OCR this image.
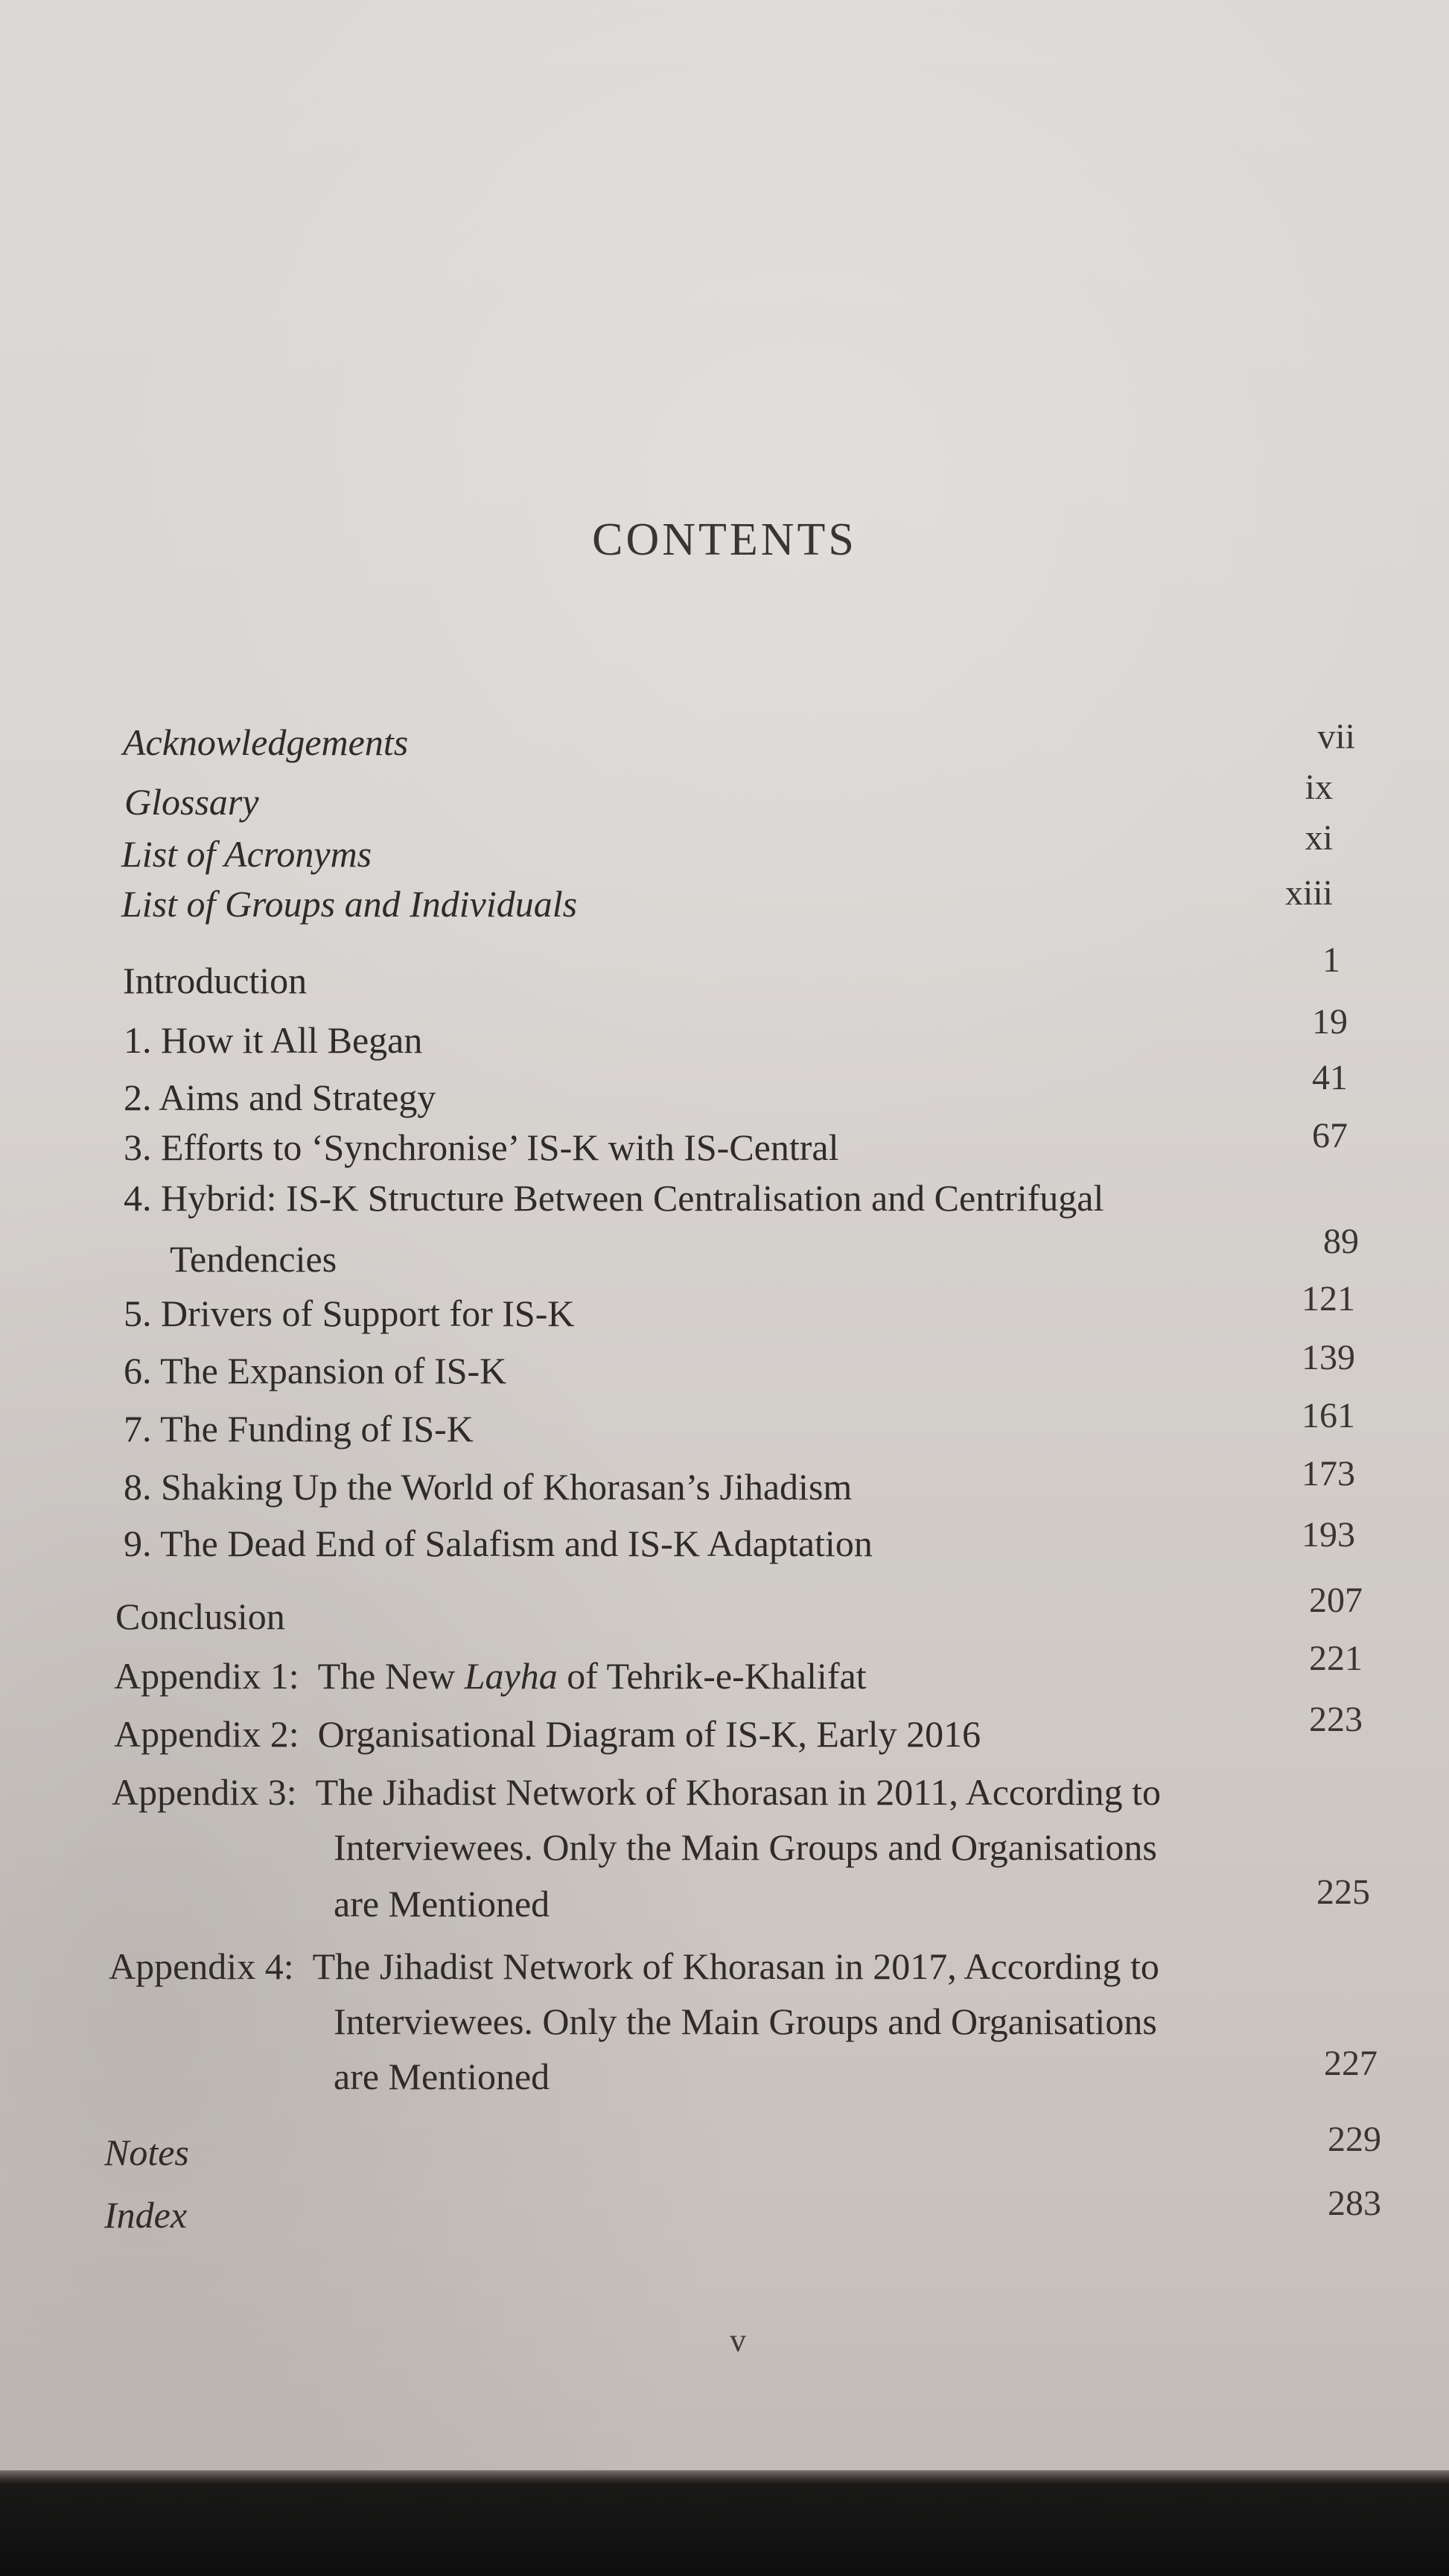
CONTENTS
Acknowledgements	vii
Glossary	ix
List of Acronyms	xi
List of Groups and Individuals	xiii
Introduction	1
1. How it All Began	19
2. Aims and Strategy	41
3. Efforts to ‘Synchronise’ IS-K with IS-Central	67
4. Hybrid: IS-K Structure Between Centralisation and Centrifugal
Tendencies	89
5. Drivers of Support for IS-K	121
6. The Expansion of IS-K	139
7. The Funding of IS-K	161
8. Shaking Up the World of Khorasan’s Jihadism	173
9. The Dead End of Salafism and IS-K Adaptation	193
Conclusion	207
Appendix 1: The New Layha of Tehrik-e-Khalifat	221
Appendix 2: Organisational Diagram of IS-K, Early 2016	223
Appendix 3: The Jihadist Network of Khorasan in 2011, According to
Interviewees. Only the Main Groups and Organisations
are Mentioned	225
Appendix 4: The Jihadist Network of Khorasan in 2017, According to
Interviewees. Only the Main Groups and Organisations
are Mentioned	227
Notes	229
Index	283
v
